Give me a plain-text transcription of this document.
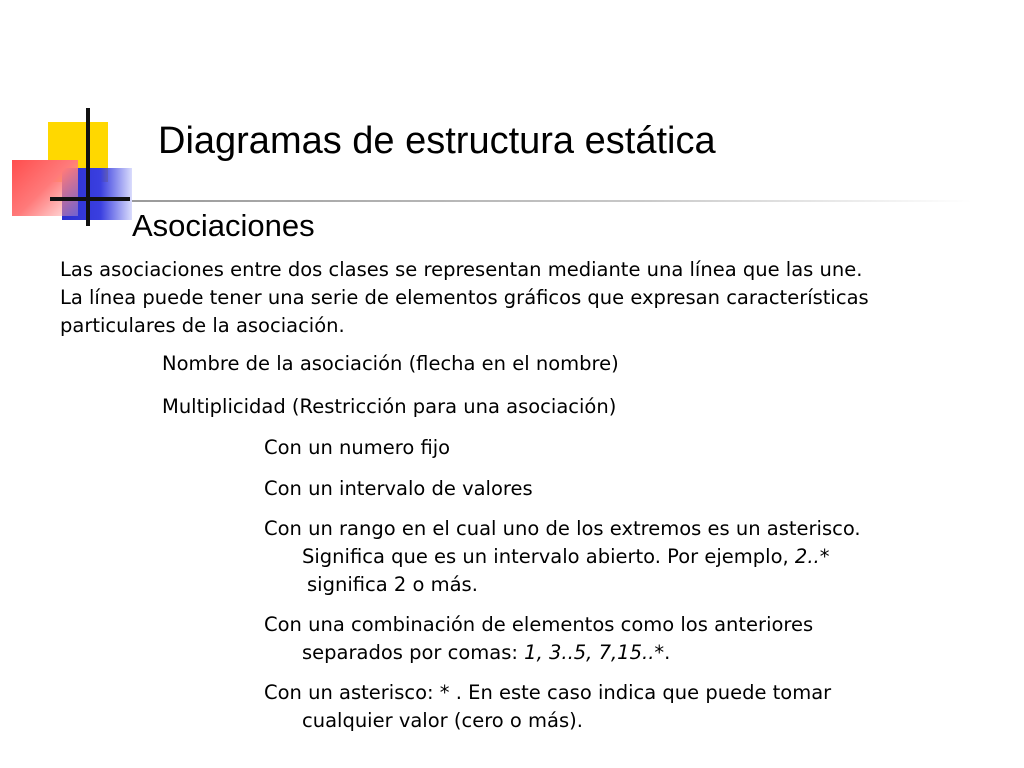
Diagramas de estructura estática
Asociaciones
Las asociaciones entre dos clases se representan mediante una línea que las une.
La línea puede tener una serie de elementos gráficos que expresan características
particulares de la asociación.
Nombre de la asociación (flecha en el nombre)
Multiplicidad (Restricción para una asociación)
Con un numero fijo
Con un intervalo de valores
Con un rango en el cual uno de los extremos es un asterisco.
Significa que es un intervalo abierto. Por ejemplo, 2..*
significa 2 o más.
Con una combinación de elementos como los anteriores
separados por comas: 1, 3..5, 7,15..*.
Con un asterisco: * . En este caso indica que puede tomar
cualquier valor (cero o más).
